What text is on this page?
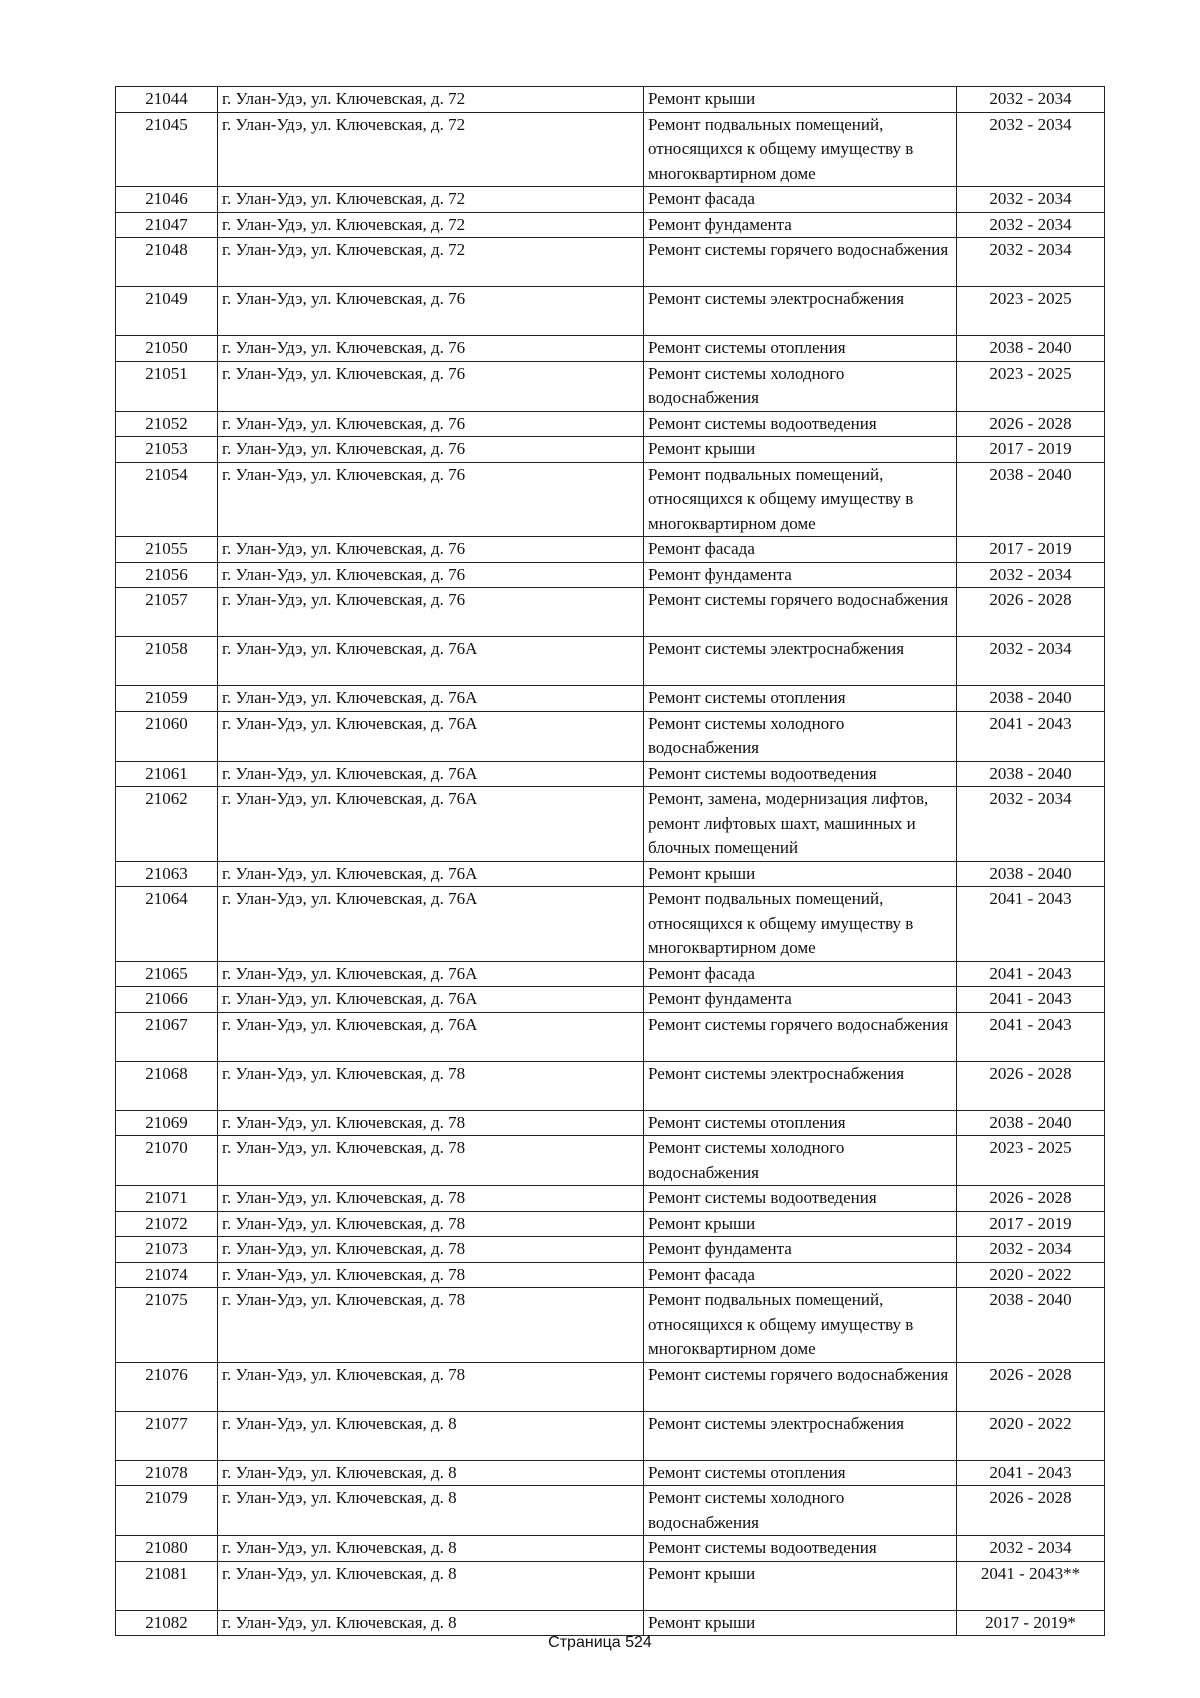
21044	г. Улан-Удэ, ул. Ключевская, д. 72	Ремонт крыши	2032 - 2034
21045	г. Улан-Удэ, ул. Ключевская, д. 72	Ремонт подвальных помещений, относящихся к общему имуществу в многоквартирном доме	2032 - 2034
21046	г. Улан-Удэ, ул. Ключевская, д. 72	Ремонт фасада	2032 - 2034
21047	г. Улан-Удэ, ул. Ключевская, д. 72	Ремонт фундамента	2032 - 2034
21048	г. Улан-Удэ, ул. Ключевская, д. 72	Ремонт системы горячего водоснабжения	2032 - 2034
21049	г. Улан-Удэ, ул. Ключевская, д. 76	Ремонт системы электроснабжения	2023 - 2025
21050	г. Улан-Удэ, ул. Ключевская, д. 76	Ремонт системы отопления	2038 - 2040
21051	г. Улан-Удэ, ул. Ключевская, д. 76	Ремонт системы холодного водоснабжения	2023 - 2025
21052	г. Улан-Удэ, ул. Ключевская, д. 76	Ремонт системы водоотведения	2026 - 2028
21053	г. Улан-Удэ, ул. Ключевская, д. 76	Ремонт крыши	2017 - 2019
21054	г. Улан-Удэ, ул. Ключевская, д. 76	Ремонт подвальных помещений, относящихся к общему имуществу в многоквартирном доме	2038 - 2040
21055	г. Улан-Удэ, ул. Ключевская, д. 76	Ремонт фасада	2017 - 2019
21056	г. Улан-Удэ, ул. Ключевская, д. 76	Ремонт фундамента	2032 - 2034
21057	г. Улан-Удэ, ул. Ключевская, д. 76	Ремонт системы горячего водоснабжения	2026 - 2028
21058	г. Улан-Удэ, ул. Ключевская, д. 76А	Ремонт системы электроснабжения	2032 - 2034
21059	г. Улан-Удэ, ул. Ключевская, д. 76А	Ремонт системы отопления	2038 - 2040
21060	г. Улан-Удэ, ул. Ключевская, д. 76А	Ремонт системы холодного водоснабжения	2041 - 2043
21061	г. Улан-Удэ, ул. Ключевская, д. 76А	Ремонт системы водоотведения	2038 - 2040
21062	г. Улан-Удэ, ул. Ключевская, д. 76А	Ремонт, замена, модернизация лифтов, ремонт лифтовых шахт, машинных и блочных помещений	2032 - 2034
21063	г. Улан-Удэ, ул. Ключевская, д. 76А	Ремонт крыши	2038 - 2040
21064	г. Улан-Удэ, ул. Ключевская, д. 76А	Ремонт подвальных помещений, относящихся к общему имуществу в многоквартирном доме	2041 - 2043
21065	г. Улан-Удэ, ул. Ключевская, д. 76А	Ремонт фасада	2041 - 2043
21066	г. Улан-Удэ, ул. Ключевская, д. 76А	Ремонт фундамента	2041 - 2043
21067	г. Улан-Удэ, ул. Ключевская, д. 76А	Ремонт системы горячего водоснабжения	2041 - 2043
21068	г. Улан-Удэ, ул. Ключевская, д. 78	Ремонт системы электроснабжения	2026 - 2028
21069	г. Улан-Удэ, ул. Ключевская, д. 78	Ремонт системы отопления	2038 - 2040
21070	г. Улан-Удэ, ул. Ключевская, д. 78	Ремонт системы холодного водоснабжения	2023 - 2025
21071	г. Улан-Удэ, ул. Ключевская, д. 78	Ремонт системы водоотведения	2026 - 2028
21072	г. Улан-Удэ, ул. Ключевская, д. 78	Ремонт крыши	2017 - 2019
21073	г. Улан-Удэ, ул. Ключевская, д. 78	Ремонт фундамента	2032 - 2034
21074	г. Улан-Удэ, ул. Ключевская, д. 78	Ремонт фасада	2020 - 2022
21075	г. Улан-Удэ, ул. Ключевская, д. 78	Ремонт подвальных помещений, относящихся к общему имуществу в многоквартирном доме	2038 - 2040
21076	г. Улан-Удэ, ул. Ключевская, д. 78	Ремонт системы горячего водоснабжения	2026 - 2028
21077	г. Улан-Удэ, ул. Ключевская, д. 8	Ремонт системы электроснабжения	2020 - 2022
21078	г. Улан-Удэ, ул. Ключевская, д. 8	Ремонт системы отопления	2041 - 2043
21079	г. Улан-Удэ, ул. Ключевская, д. 8	Ремонт системы холодного водоснабжения	2026 - 2028
21080	г. Улан-Удэ, ул. Ключевская, д. 8	Ремонт системы водоотведения	2032 - 2034
21081	г. Улан-Удэ, ул. Ключевская, д. 8	Ремонт крыши	2041 - 2043**
21082	г. Улан-Удэ, ул. Ключевская, д. 8	Ремонт крыши	2017 - 2019*
Страница 524
